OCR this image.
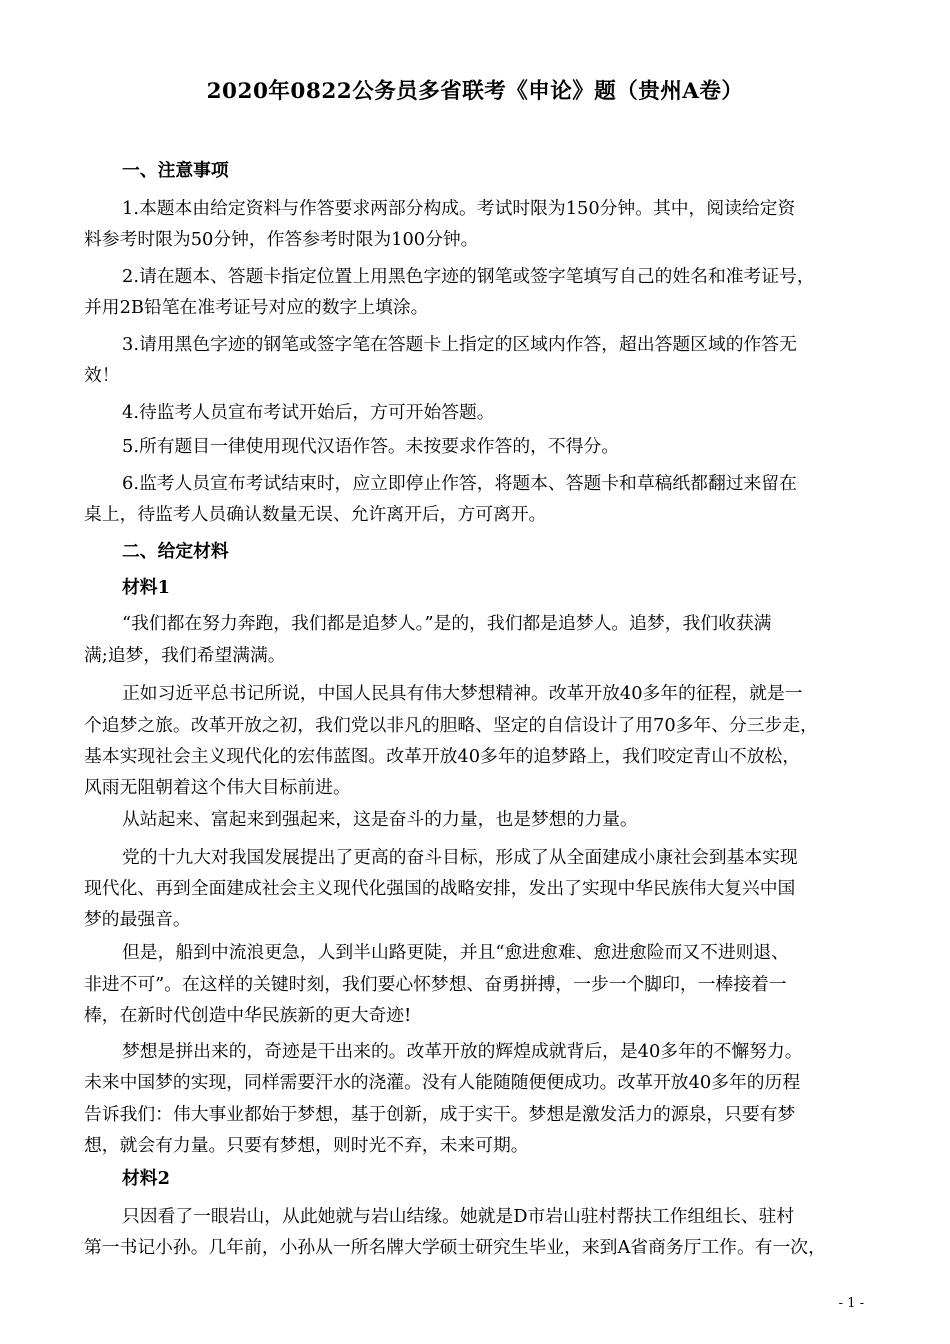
2020年0822公务员多省联考《申论》题（贵州A卷）
一、注意事项
1.本题本由给定资料与作答要求两部分构成。考试时限为150分钟。其中，阅读给定资
料参考时限为50分钟，作答参考时限为100分钟。
2.请在题本、答题卡指定位置上用黑色字迹的钢笔或签字笔填写自己的姓名和准考证号，
并用2B铅笔在准考证号对应的数字上填涂。
3.请用黑色字迹的钢笔或签字笔在答题卡上指定的区域内作答，超出答题区域的作答无
效！
4.待监考人员宣布考试开始后，方可开始答题。
5.所有题目一律使用现代汉语作答。未按要求作答的，不得分。
6.监考人员宣布考试结束时，应立即停止作答，将题本、答题卡和草稿纸都翻过来留在
桌上，待监考人员确认数量无误、允许离开后，方可离开。
二、给定材料
材料1
“我们都在努力奔跑，我们都是追梦人。”是的，我们都是追梦人。追梦，我们收获满
满;追梦，我们希望满满。
正如习近平总书记所说，中国人民具有伟大梦想精神。改革开放40多年的征程，就是一
个追梦之旅。改革开放之初，我们党以非凡的胆略、坚定的自信设计了用70多年、分三步走，
基本实现社会主义现代化的宏伟蓝图。改革开放40多年的追梦路上，我们咬定青山不放松，
风雨无阻朝着这个伟大目标前进。
从站起来、富起来到强起来，这是奋斗的力量，也是梦想的力量。
党的十九大对我国发展提出了更高的奋斗目标，形成了从全面建成小康社会到基本实现
现代化、再到全面建成社会主义现代化强国的战略安排，发出了实现中华民族伟大复兴中国
梦的最强音。
但是，船到中流浪更急，人到半山路更陡，并且“愈进愈难、愈进愈险而又不进则退、
非进不可”。在这样的关键时刻，我们要心怀梦想、奋勇拼搏，一步一个脚印，一棒接着一
棒，在新时代创造中华民族新的更大奇迹!
梦想是拼出来的，奇迹是干出来的。改革开放的辉煌成就背后，是40多年的不懈努力。
未来中国梦的实现，同样需要汗水的浇灌。没有人能随随便便成功。改革开放40多年的历程
告诉我们：伟大事业都始于梦想，基于创新，成于实干。梦想是激发活力的源泉，只要有梦
想，就会有力量。只要有梦想，则时光不弃，未来可期。
材料2
只因看了一眼岩山，从此她就与岩山结缘。她就是D市岩山驻村帮扶工作组组长、驻村
第一书记小孙。几年前，小孙从一所名牌大学硕士研究生毕业，来到A省商务厅工作。有一次，
- 1 -
